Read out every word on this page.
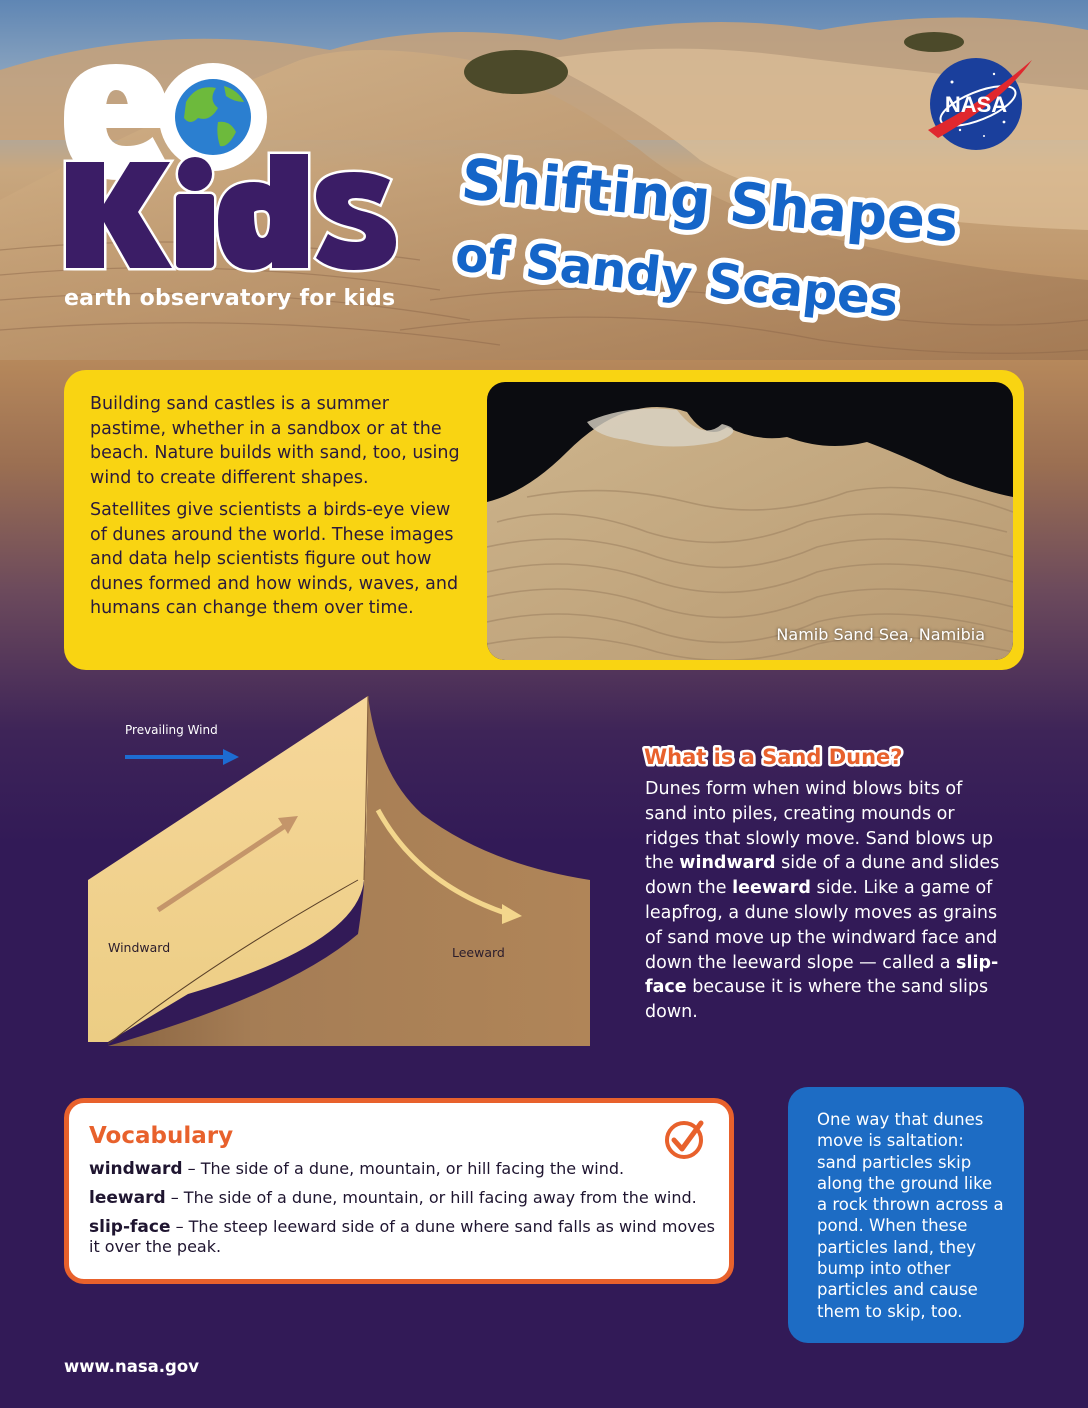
earth observatory for kids
NASA
Shifting Shapes
of Sandy Scapes

Building sand castles is a summer pastime, whether in a sandbox or at the beach. Nature builds with sand, too, using wind to create different shapes.

Satellites give scientists a birds-eye view of dunes around the world. These images and data help scientists figure out how dunes formed and how winds, waves, and humans can change them over time.

Namib Sand Sea, Namibia
Prevailing Wind
Windward	Leeward
What is a Sand Dune?
Dunes form when wind blows bits of sand into piles, creating mounds or ridges that slowly move. Sand blows up the windward side of a dune and slides down the leeward side. Like a game of leapfrog, a dune slowly moves as grains of sand move up the windward face and down the leeward slope — called a slip-face because it is where the sand slips down.
Vocabulary
windward – The side of a dune, mountain, or hill facing the wind.
leeward – The side of a dune, mountain, or hill facing away from the wind.
slip-face – The steep leeward side of a dune where sand falls as wind moves it over the peak.
One way that dunes move is saltation: sand particles skip along the ground like a rock thrown across a pond. When these particles land, they bump into other particles and cause them to skip, too.
www.nasa.gov
